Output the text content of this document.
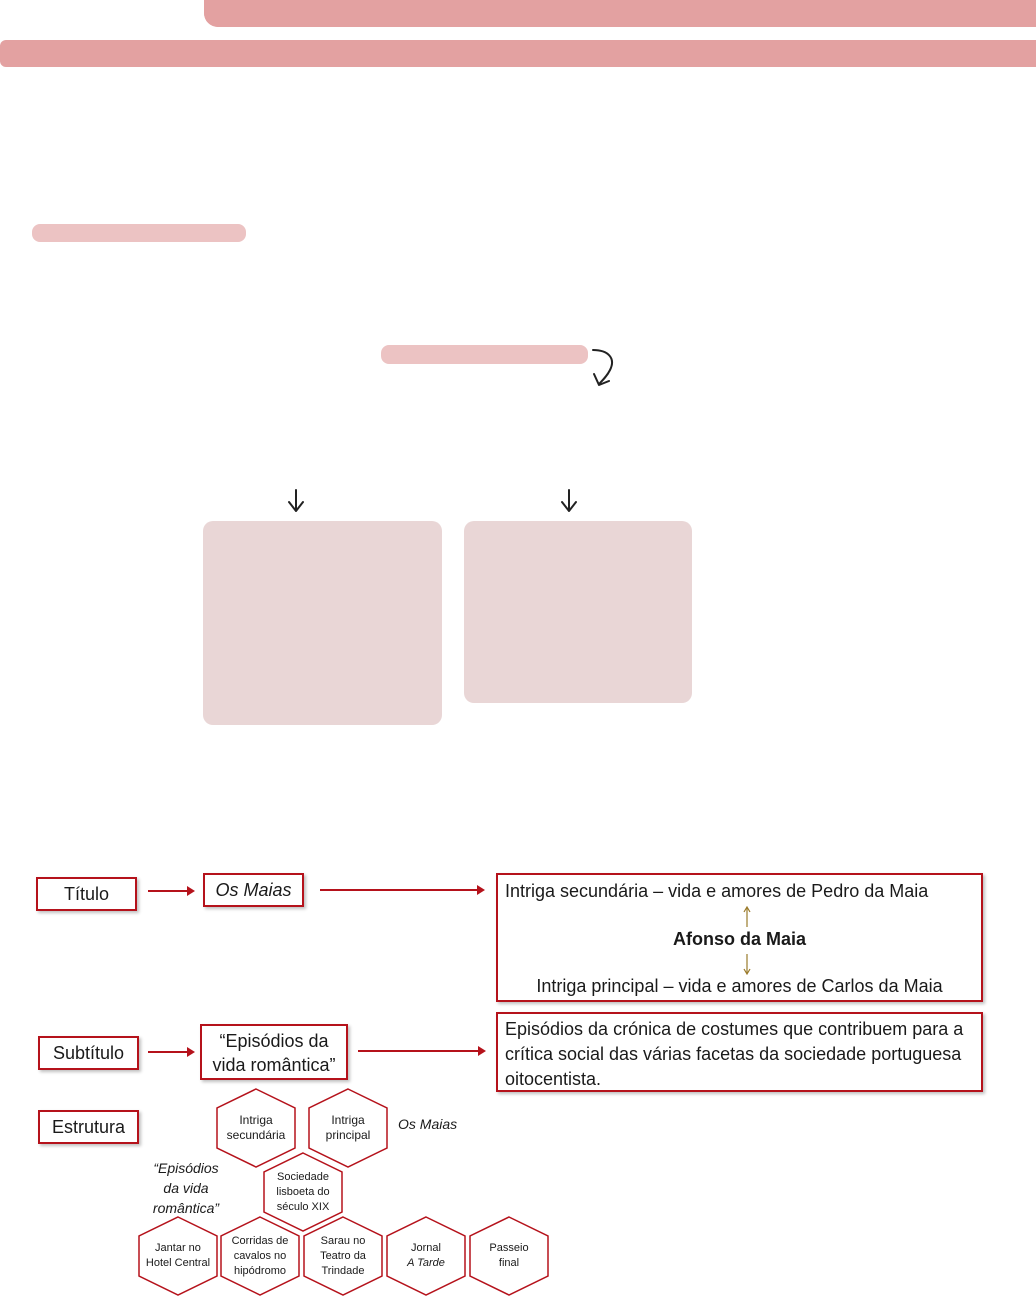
Título	Os Maias	Intriga secundária – vida e amores de Pedro da Maia
Afonso da Maia
Intriga principal – vida e amores de Carlos da Maia
Subtítulo
“Episódios da
vida romântica”
Episódios da crónica de costumes que contribuem para a crítica social das várias facetas da sociedade portuguesa oitocentista.
Estrutura	Intriga
secundária
Intriga
principal
Os Maias
Sociedade
lisboeta do
século XIX
“Episódios
da vida
romântica”
Jantar no
Hotel Central
Corridas de
cavalos no
hipódromo
Sarau no
Teatro da
Trindade
Jornal
A Tarde
Passeio
final
